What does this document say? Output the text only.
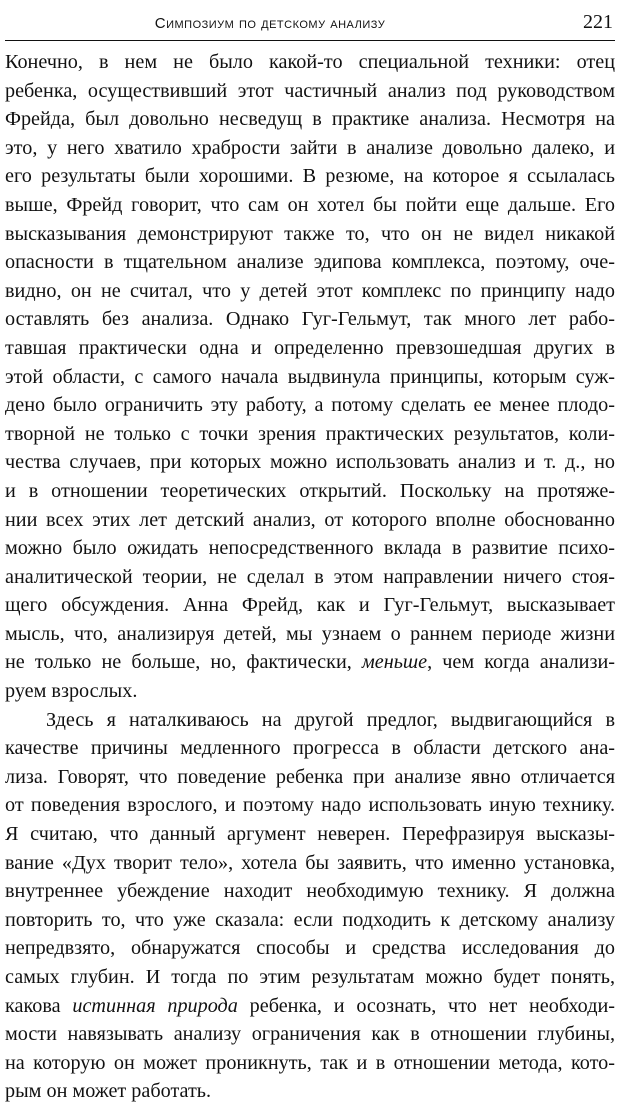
Симпозиум по детскому анализу	221
Конечно, в нем не было какой-то специальной техники: отец
ребенка, осуществивший этот частичный анализ под руководством
Фрейда, был довольно несведущ в практике анализа. Несмотря на
это, у него хватило храбрости зайти в анализе довольно далеко, и
его результаты были хорошими. В резюме, на которое я ссылалась
выше, Фрейд говорит, что сам он хотел бы пойти еще дальше. Его
высказывания демонстрируют также то, что он не видел никакой
опасности в тщательном анализе эдипова комплекса, поэтому, оче-
видно, он не считал, что у детей этот комплекс по принципу надо
оставлять без анализа. Однако Гуг-Гельмут, так много лет рабо-
тавшая практически одна и определенно превзошедшая других в
этой области, с самого начала выдвинула принципы, которым суж-
дено было ограничить эту работу, а потому сделать ее менее плодо-
творной не только с точки зрения практических результатов, коли-
чества случаев, при которых можно использовать анализ и т. д., но
и в отношении теоретических открытий. Поскольку на протяже-
нии всех этих лет детский анализ, от которого вполне обоснованно
можно было ожидать непосредственного вклада в развитие психо-
аналитической теории, не сделал в этом направлении ничего стоя-
щего обсуждения. Анна Фрейд, как и Гуг-Гельмут, высказывает
мысль, что, анализируя детей, мы узнаем о раннем периоде жизни
не только не больше, но, фактически, меньше, чем когда анализи-
руем взрослых.
Здесь я наталкиваюсь на другой предлог, выдвигающийся в
качестве причины медленного прогресса в области детского ана-
лиза. Говорят, что поведение ребенка при анализе явно отличается
от поведения взрослого, и поэтому надо использовать иную технику.
Я считаю, что данный аргумент неверен. Перефразируя высказы-
вание «Дух творит тело», хотела бы заявить, что именно установка,
внутреннее убеждение находит необходимую технику. Я должна
повторить то, что уже сказала: если подходить к детскому анализу
непредвзято, обнаружатся способы и средства исследования до
самых глубин. И тогда по этим результатам можно будет понять,
какова истинная природа ребенка, и осознать, что нет необходи-
мости навязывать анализу ограничения как в отношении глубины,
на которую он может проникнуть, так и в отношении метода, кото-
рым он может работать.
